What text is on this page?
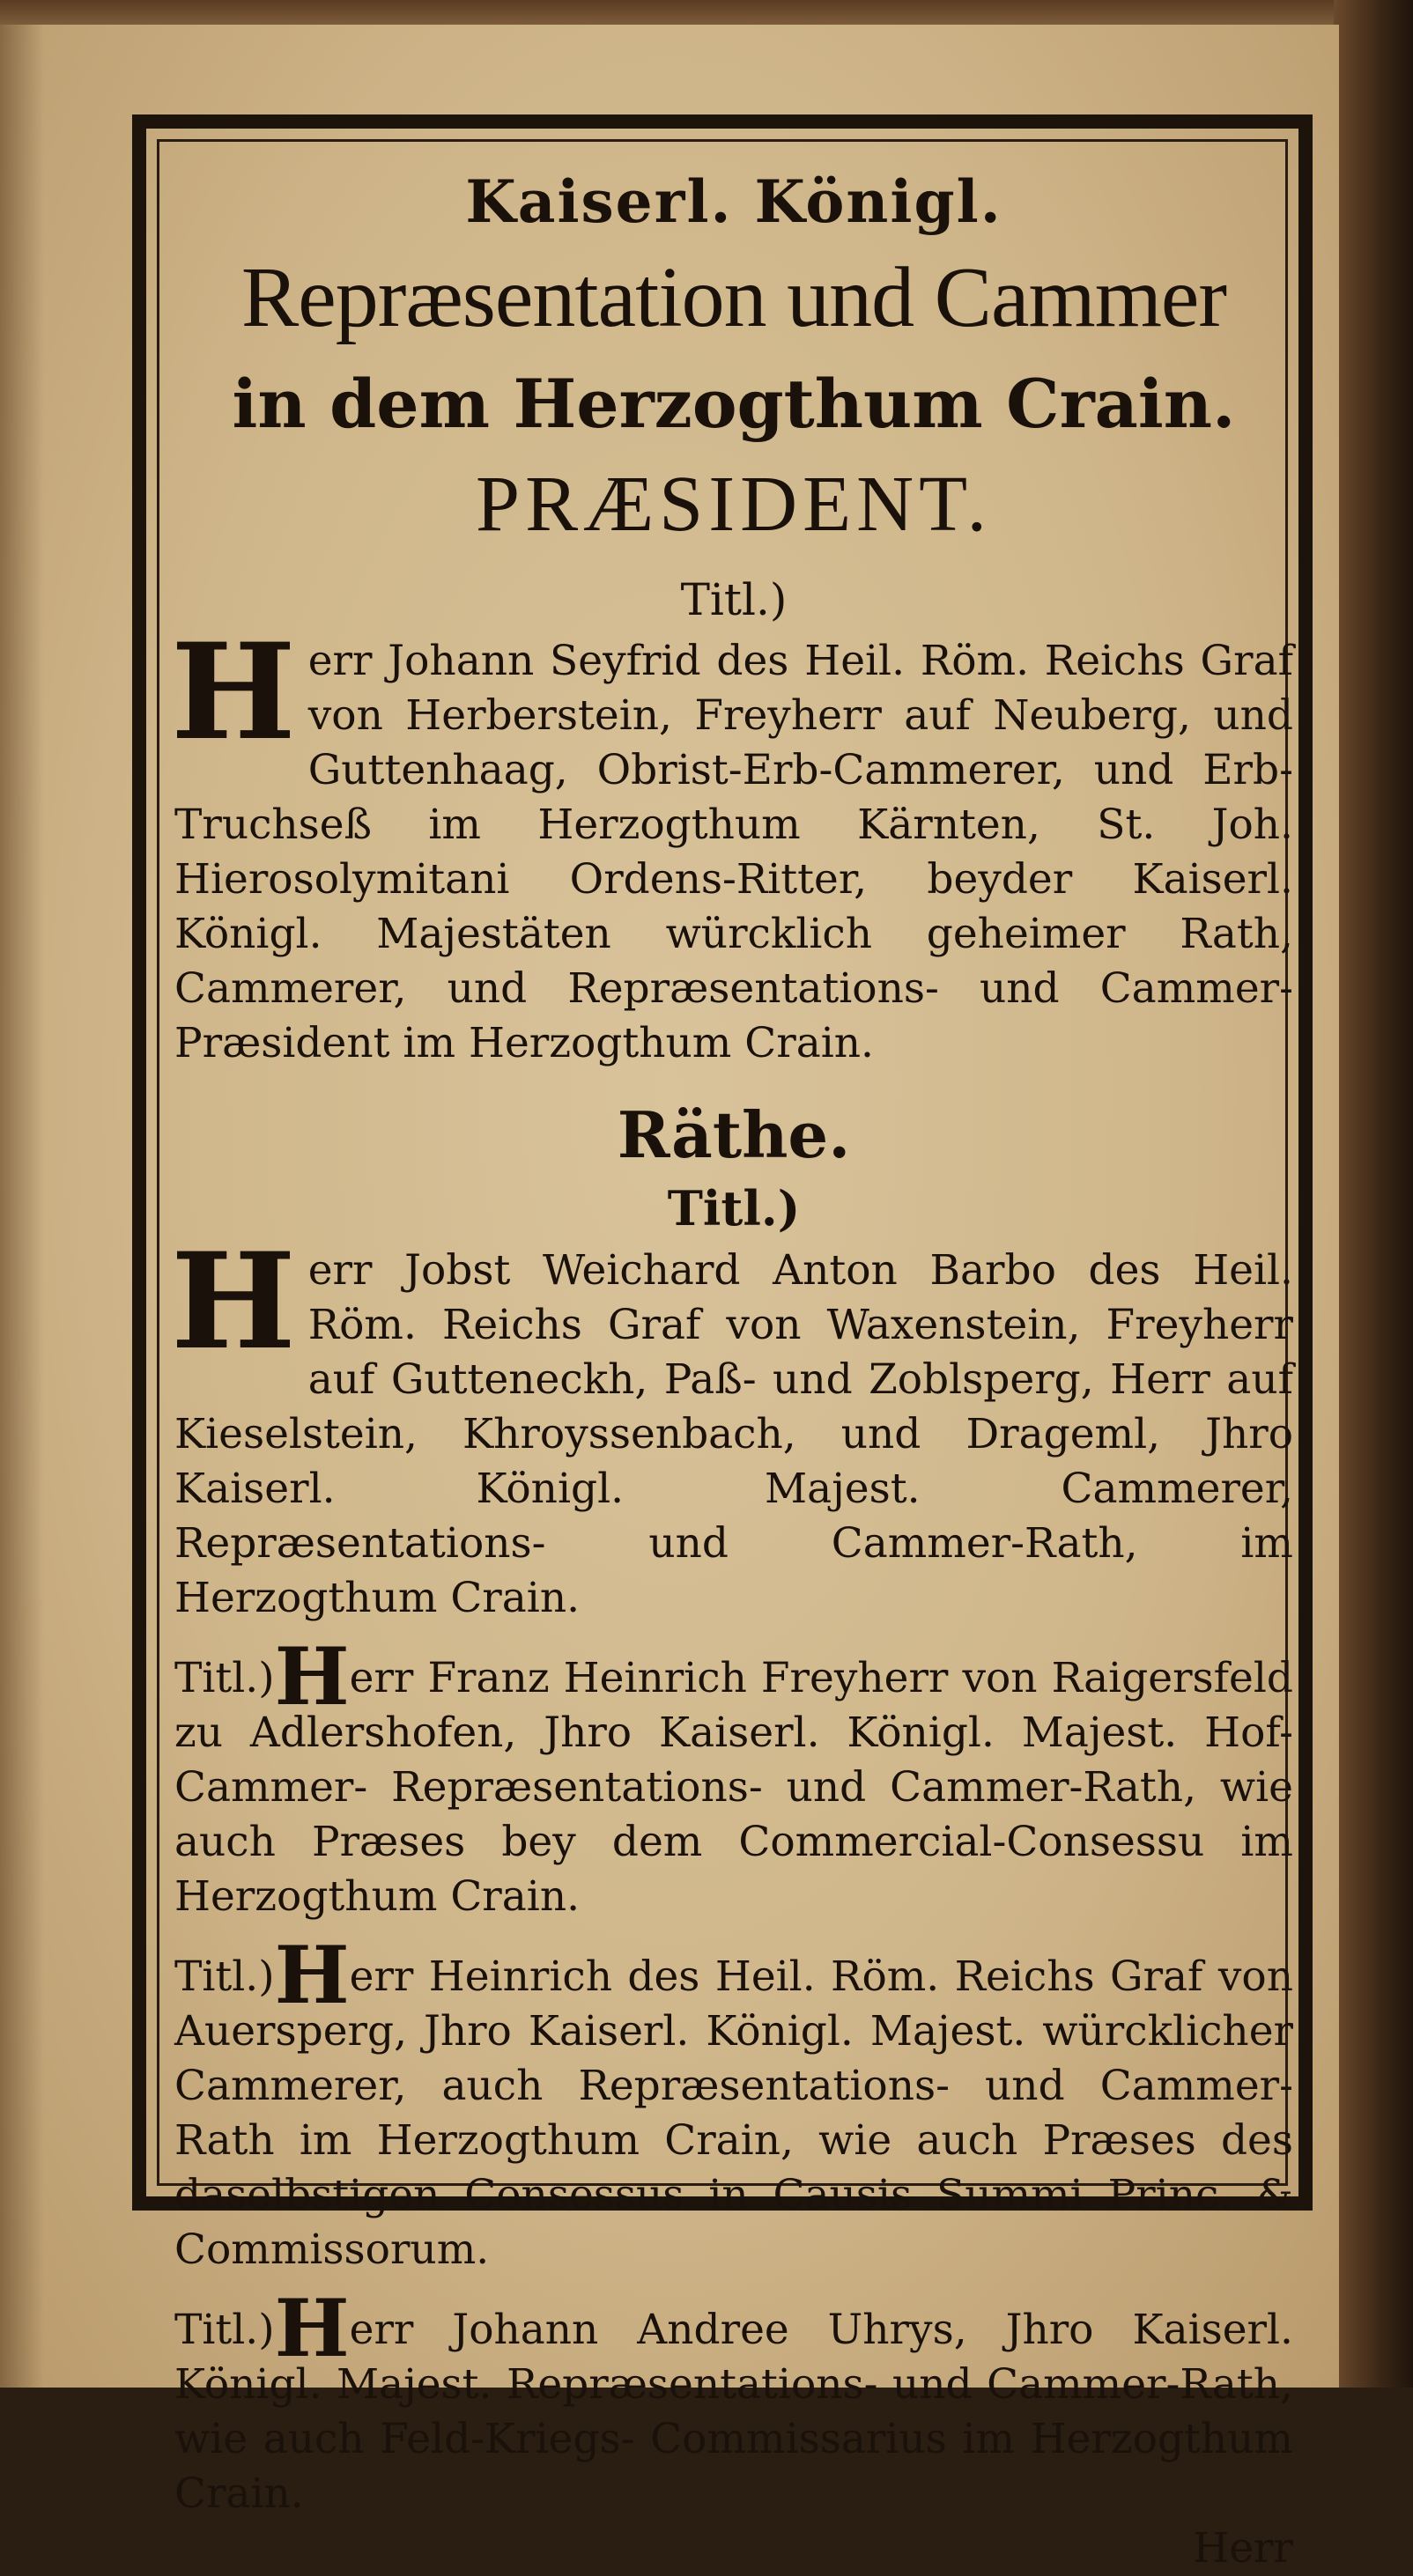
Kaiserl. Königl.
Repræsentation und Cammer
in dem Herzogthum Crain.
PRÆSIDENT.
Titl.)
H err Johann Seyfrid des Heil. Röm. Reichs Graf von Herberstein, Freyherr auf Neuberg, und Guttenhaag, Obrist-Erb-Cammerer, und Erb-Truchseß im Herzogthum Kärnten, St. Joh. Hierosolymitani Ordens-Ritter, beyder Kaiserl. Königl. Majestäten würcklich geheimer Rath, Cammerer, und Repræsentations- und Cammer-Præsident im Herzogthum Crain.

Räthe.
Titl.)
H err Jobst Weichard Anton Barbo des Heil. Röm. Reichs Graf von Waxenstein, Freyherr auf Gutteneckh, Paß- und Zoblsperg, Herr auf Kieselstein, Khroyssenbach, und Drageml, Jhro Kaiserl. Königl. Majest. Cammerer, Repræsentations- und Cammer-Rath, im Herzogthum Crain.

Titl.)Herr Franz Heinrich Freyherr von Raigersfeld zu Adlershofen, Jhro Kaiserl. Königl. Majest. Hof-Cammer- Repræsentations- und Cammer-Rath, wie auch Præses bey dem Commercial-Consessu im Herzogthum Crain.

Titl.)Herr Heinrich des Heil. Röm. Reichs Graf von Auersperg, Jhro Kaiserl. Königl. Majest. würcklicher Cammerer, auch Repræsentations- und Cammer-Rath im Herzogthum Crain, wie auch Præses des daselbstigen Consessus in Causis Summi Princ. & Commissorum.

Titl.)Herr Johann Andree Uhrys, Jhro Kaiserl. Königl. Majest. Repræsentations- und Cammer-Rath, wie auch Feld-Kriegs- Commissarius im Herzogthum Crain.

Herr
